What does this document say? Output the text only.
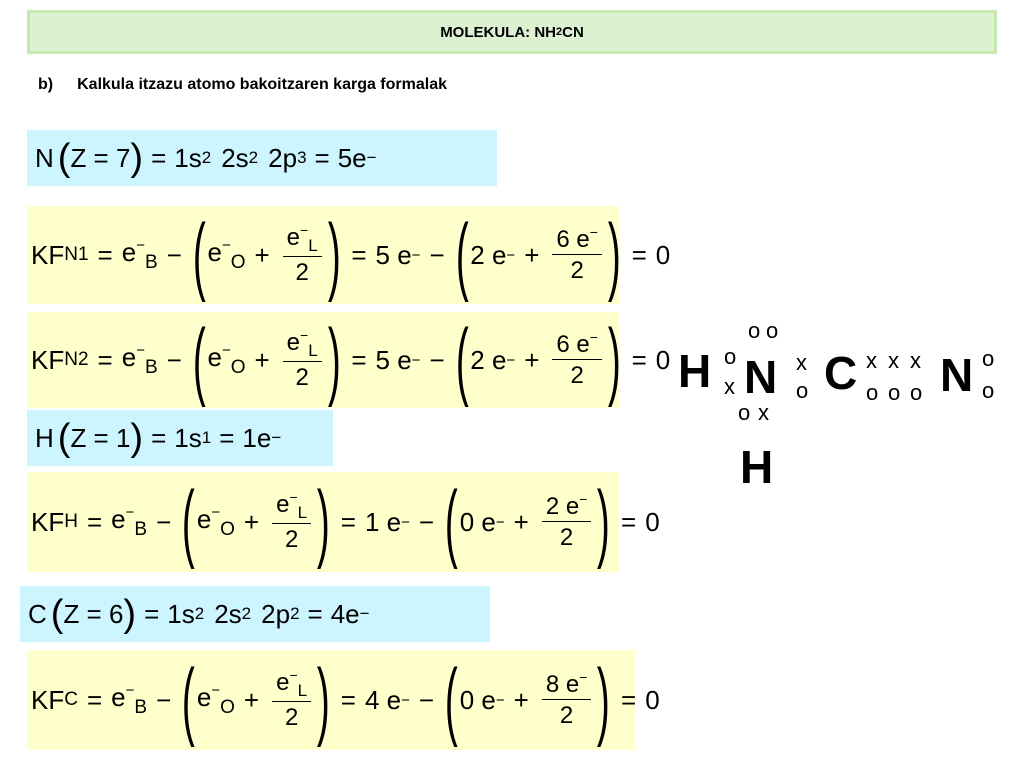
MOLEKULA: NH 2 CN
b) Kalkula itzazu atomo bakoitzaren karga formalak
N ( Z = 7 ) = 1s 2 2s 2 2p 3 = 5e −
KF $N1 = e^-_B$ − ( $e^-_O + \frac{e^-_L}{2}$ ) = 5 e − − ( 2 e − + $\frac{6 e^-}{2}$ ) = 0
KF $N2 = e^-_B$ − ( $e^-_O + \frac{e^-_L}{2}$ ) = 5 e − − ( 2 e − + $\frac{6 e^-}{2}$ ) = 0
H ( Z = 1 ) = 1s 1 = 1e −
KF $H = e^-_B$ − ( $e^-_O + \frac{e^-_L}{2}$ ) = 1 e − − ( 0 e − + $\frac{2 e^-}{2}$ ) = 0
C ( Z = 6 ) = 1s 2 2s 2 2p 2 = 4e −
KF $C = e^-_B$ − ( $e^-_O + \frac{e^-_L}{2}$ ) = 4 e − − ( 0 e − + $\frac{8 e^-}{2}$ ) = 0
H o
x
o o
N x
o
o x
C x x x
o o o N o
o
H
